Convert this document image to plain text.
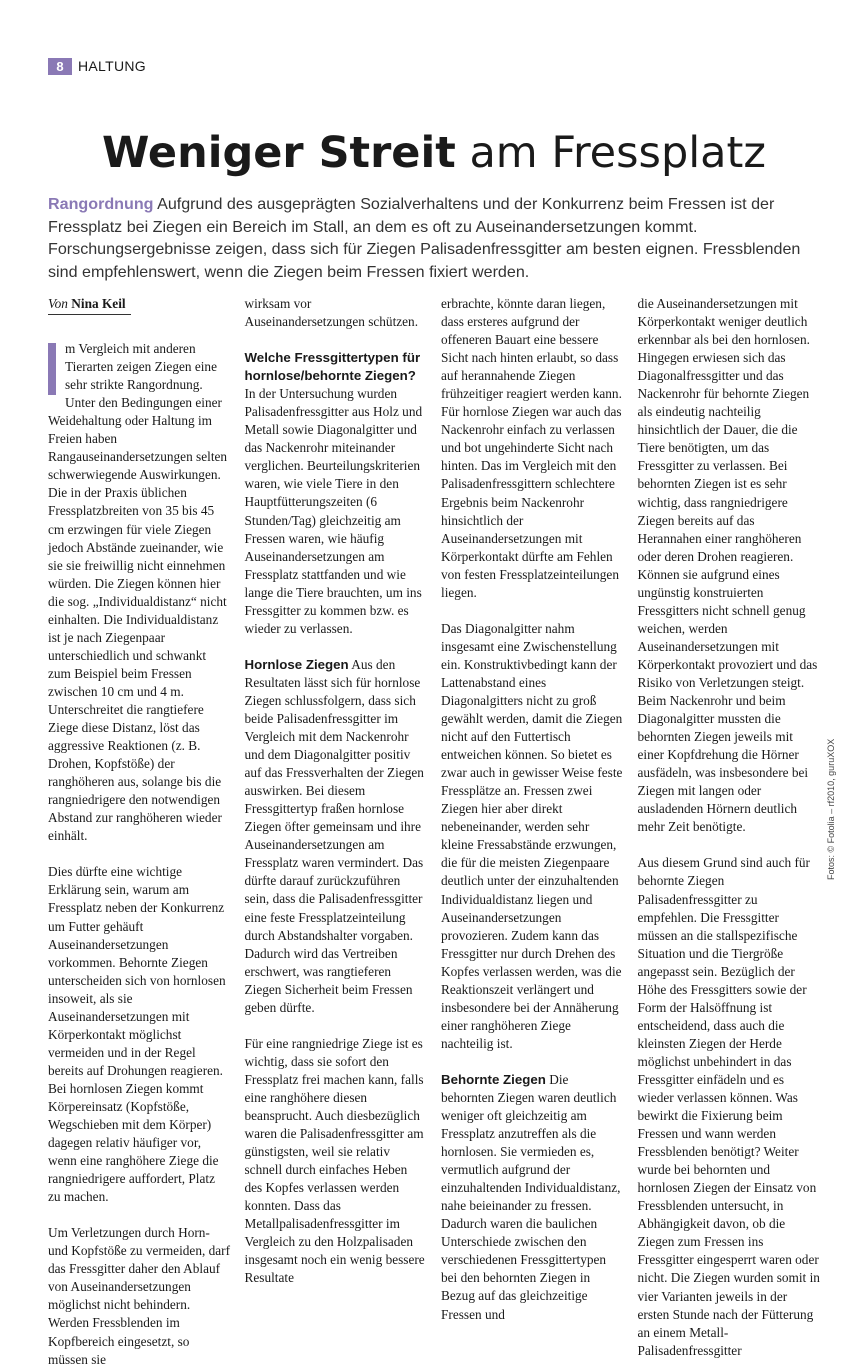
8	HALTUNG
Weniger Streit am Fressplatz

Rangordnung Aufgrund des ausgeprägten Sozialverhaltens und der Konkurrenz beim Fressen ist der Fressplatz bei Ziegen ein Bereich im Stall, an dem es oft zu Auseinandersetzungen kommt. Forschungsergebnisse zeigen, dass sich für Ziegen Palisadenfressgitter am besten eignen. Fressblenden sind empfehlenswert, wenn die Ziegen beim Fressen fixiert werden.

Von Nina Keil

m Vergleich mit anderen Tierarten zeigen Ziegen eine sehr strikte Rangordnung. Unter den Bedingungen einer Weidehaltung oder Haltung im Freien haben Rangauseinandersetzungen selten schwerwiegende Auswirkungen. Die in der Praxis üblichen Fressplatzbreiten von 35 bis 45 cm erzwingen für viele Ziegen jedoch Abstände zueinander, wie sie sie freiwillig nicht einnehmen würden. Die Ziegen können hier die sog. „Individualdistanz“ nicht einhalten. Die Individualdistanz ist je nach Ziegenpaar unterschiedlich und schwankt zum Beispiel beim Fressen zwischen 10 cm und 4 m. Unterschreitet die rangtiefere Ziege diese Distanz, löst das aggressive Reaktionen (z. B. Drohen, Kopfstöße) der ranghöheren aus, solange bis die rangniedrigere den notwendigen Abstand zur ranghöheren wieder einhält.

Dies dürfte eine wichtige Erklärung sein, warum am Fressplatz neben der Konkurrenz um Futter gehäuft Auseinandersetzungen vorkommen. Behornte Ziegen unterscheiden sich von hornlosen insoweit, als sie Auseinandersetzungen mit Körperkontakt möglichst vermeiden und in der Regel bereits auf Drohungen reagieren. Bei hornlosen Ziegen kommt Körpereinsatz (Kopfstöße, Wegschieben mit dem Körper) dagegen relativ häufiger vor, wenn eine ranghöhere Ziege die rangniedrigere auffordert, Platz zu machen.

Um Verletzungen durch Horn- und Kopfstöße zu vermeiden, darf das Fressgitter daher den Ablauf von Auseinandersetzungen möglichst nicht behindern. Werden Fressblenden im Kopfbereich eingesetzt, so müssen sie

wirksam vor Auseinandersetzungen schützen.

Welche Fressgittertypen für hornlose/behornte Ziegen?
In der Untersuchung wurden Palisadenfressgitter aus Holz und Metall sowie Diagonalgitter und das Nackenrohr miteinander verglichen. Beurteilungskriterien waren, wie viele Tiere in den Hauptfütterungszeiten (6 Stunden/Tag) gleichzeitig am Fressen waren, wie häufig Auseinandersetzungen am Fressplatz stattfanden und wie lange die Tiere brauchten, um ins Fressgitter zu kommen bzw. es wieder zu verlassen.

Hornlose Ziegen Aus den Resultaten lässt sich für hornlose Ziegen schlussfolgern, dass sich beide Palisadenfressgitter im Vergleich mit dem Nackenrohr und dem Diagonalgitter positiv auf das Fressverhalten der Ziegen auswirken. Bei diesem Fressgittertyp fraßen hornlose Ziegen öfter gemeinsam und ihre Auseinandersetzungen am Fressplatz waren vermindert. Das dürfte darauf zurückzuführen sein, dass die Palisadenfressgitter eine feste Fressplatzeinteilung durch Abstandshalter vorgaben. Dadurch wird das Vertreiben erschwert, was rangtieferen Ziegen Sicherheit beim Fressen geben dürfte.

Für eine rangniedrige Ziege ist es wichtig, dass sie sofort den Fressplatz frei machen kann, falls eine ranghöhere diesen beansprucht. Auch diesbezüglich waren die Palisadenfressgitter am günstigsten, weil sie relativ schnell durch einfaches Heben des Kopfes verlassen werden konnten. Dass das Metallpalisadenfressgitter im Vergleich zu den Holzpalisaden insgesamt noch ein wenig bessere Resultate

erbrachte, könnte daran liegen, dass ersteres aufgrund der offeneren Bauart eine bessere Sicht nach hinten erlaubt, so dass auf herannahende Ziegen frühzeitiger reagiert werden kann. Für hornlose Ziegen war auch das Nackenrohr einfach zu verlassen und bot ungehinderte Sicht nach hinten. Das im Vergleich mit den Palisadenfressgittern schlechtere Ergebnis beim Nackenrohr hinsichtlich der Auseinandersetzungen mit Körperkontakt dürfte am Fehlen von festen Fressplatzeinteilungen liegen.

Das Diagonalgitter nahm insgesamt eine Zwischenstellung ein. Konstruktivbedingt kann der Lattenabstand eines Diagonalgitters nicht zu groß gewählt werden, damit die Ziegen nicht auf den Futtertisch entweichen können. So bietet es zwar auch in gewisser Weise feste Fressplätze an. Fressen zwei Ziegen hier aber direkt nebeneinander, werden sehr kleine Fressabstände erzwungen, die für die meisten Ziegenpaare deutlich unter der einzuhaltenden Individualdistanz liegen und Auseinandersetzungen provozieren. Zudem kann das Fressgitter nur durch Drehen des Kopfes verlassen werden, was die Reaktionszeit verlängert und insbesondere bei der Annäherung einer ranghöheren Ziege nachteilig ist.

Behornte Ziegen Die behornten Ziegen waren deutlich weniger oft gleichzeitig am Fressplatz anzutreffen als die hornlosen. Sie vermieden es, vermutlich aufgrund der einzuhaltenden Individualdistanz, nahe beieinander zu fressen. Dadurch waren die baulichen Unterschiede zwischen den verschiedenen Fressgittertypen bei den behornten Ziegen in Bezug auf das gleichzeitige Fressen und

die Auseinandersetzungen mit Körperkontakt weniger deutlich erkennbar als bei den hornlosen. Hingegen erwiesen sich das Diagonalfressgitter und das Nackenrohr für behornte Ziegen als eindeutig nachteilig hinsichtlich der Dauer, die die Tiere benötigten, um das Fressgitter zu verlassen. Bei behornten Ziegen ist es sehr wichtig, dass rangniedrigere Ziegen bereits auf das Herannahen einer ranghöheren oder deren Drohen reagieren. Können sie aufgrund eines ungünstig konstruierten Fressgitters nicht schnell genug weichen, werden Auseinandersetzungen mit Körperkontakt provoziert und das Risiko von Verletzungen steigt. Beim Nackenrohr und beim Diagonalgitter mussten die behornten Ziegen jeweils mit einer Kopfdrehung die Hörner ausfädeln, was insbesondere bei Ziegen mit langen oder ausladenden Hörnern deutlich mehr Zeit benötigte.

Aus diesem Grund sind auch für behornte Ziegen Palisadenfressgitter zu empfehlen. Die Fressgitter müssen an die stallspezifische Situation und die Tiergröße angepasst sein. Bezüglich der Höhe des Fressgitters sowie der Form der Halsöffnung ist entscheidend, dass auch die kleinsten Ziegen der Herde möglichst unbehindert in das Fressgitter einfädeln und es wieder verlassen können. Was bewirkt die Fixierung beim Fressen und wann werden Fressblenden benötigt? Weiter wurde bei behornten und hornlosen Ziegen der Einsatz von Fressblenden untersucht, in Abhängigkeit davon, ob die Ziegen zum Fressen ins Fressgitter eingesperrt waren oder nicht. Die Ziegen wurden somit in vier Varianten jeweils in der ersten Stunde nach der Fütterung an einem Metall-Palisadenfressgitter

Fotos: © Fotolia – rf2010, guruXOX
